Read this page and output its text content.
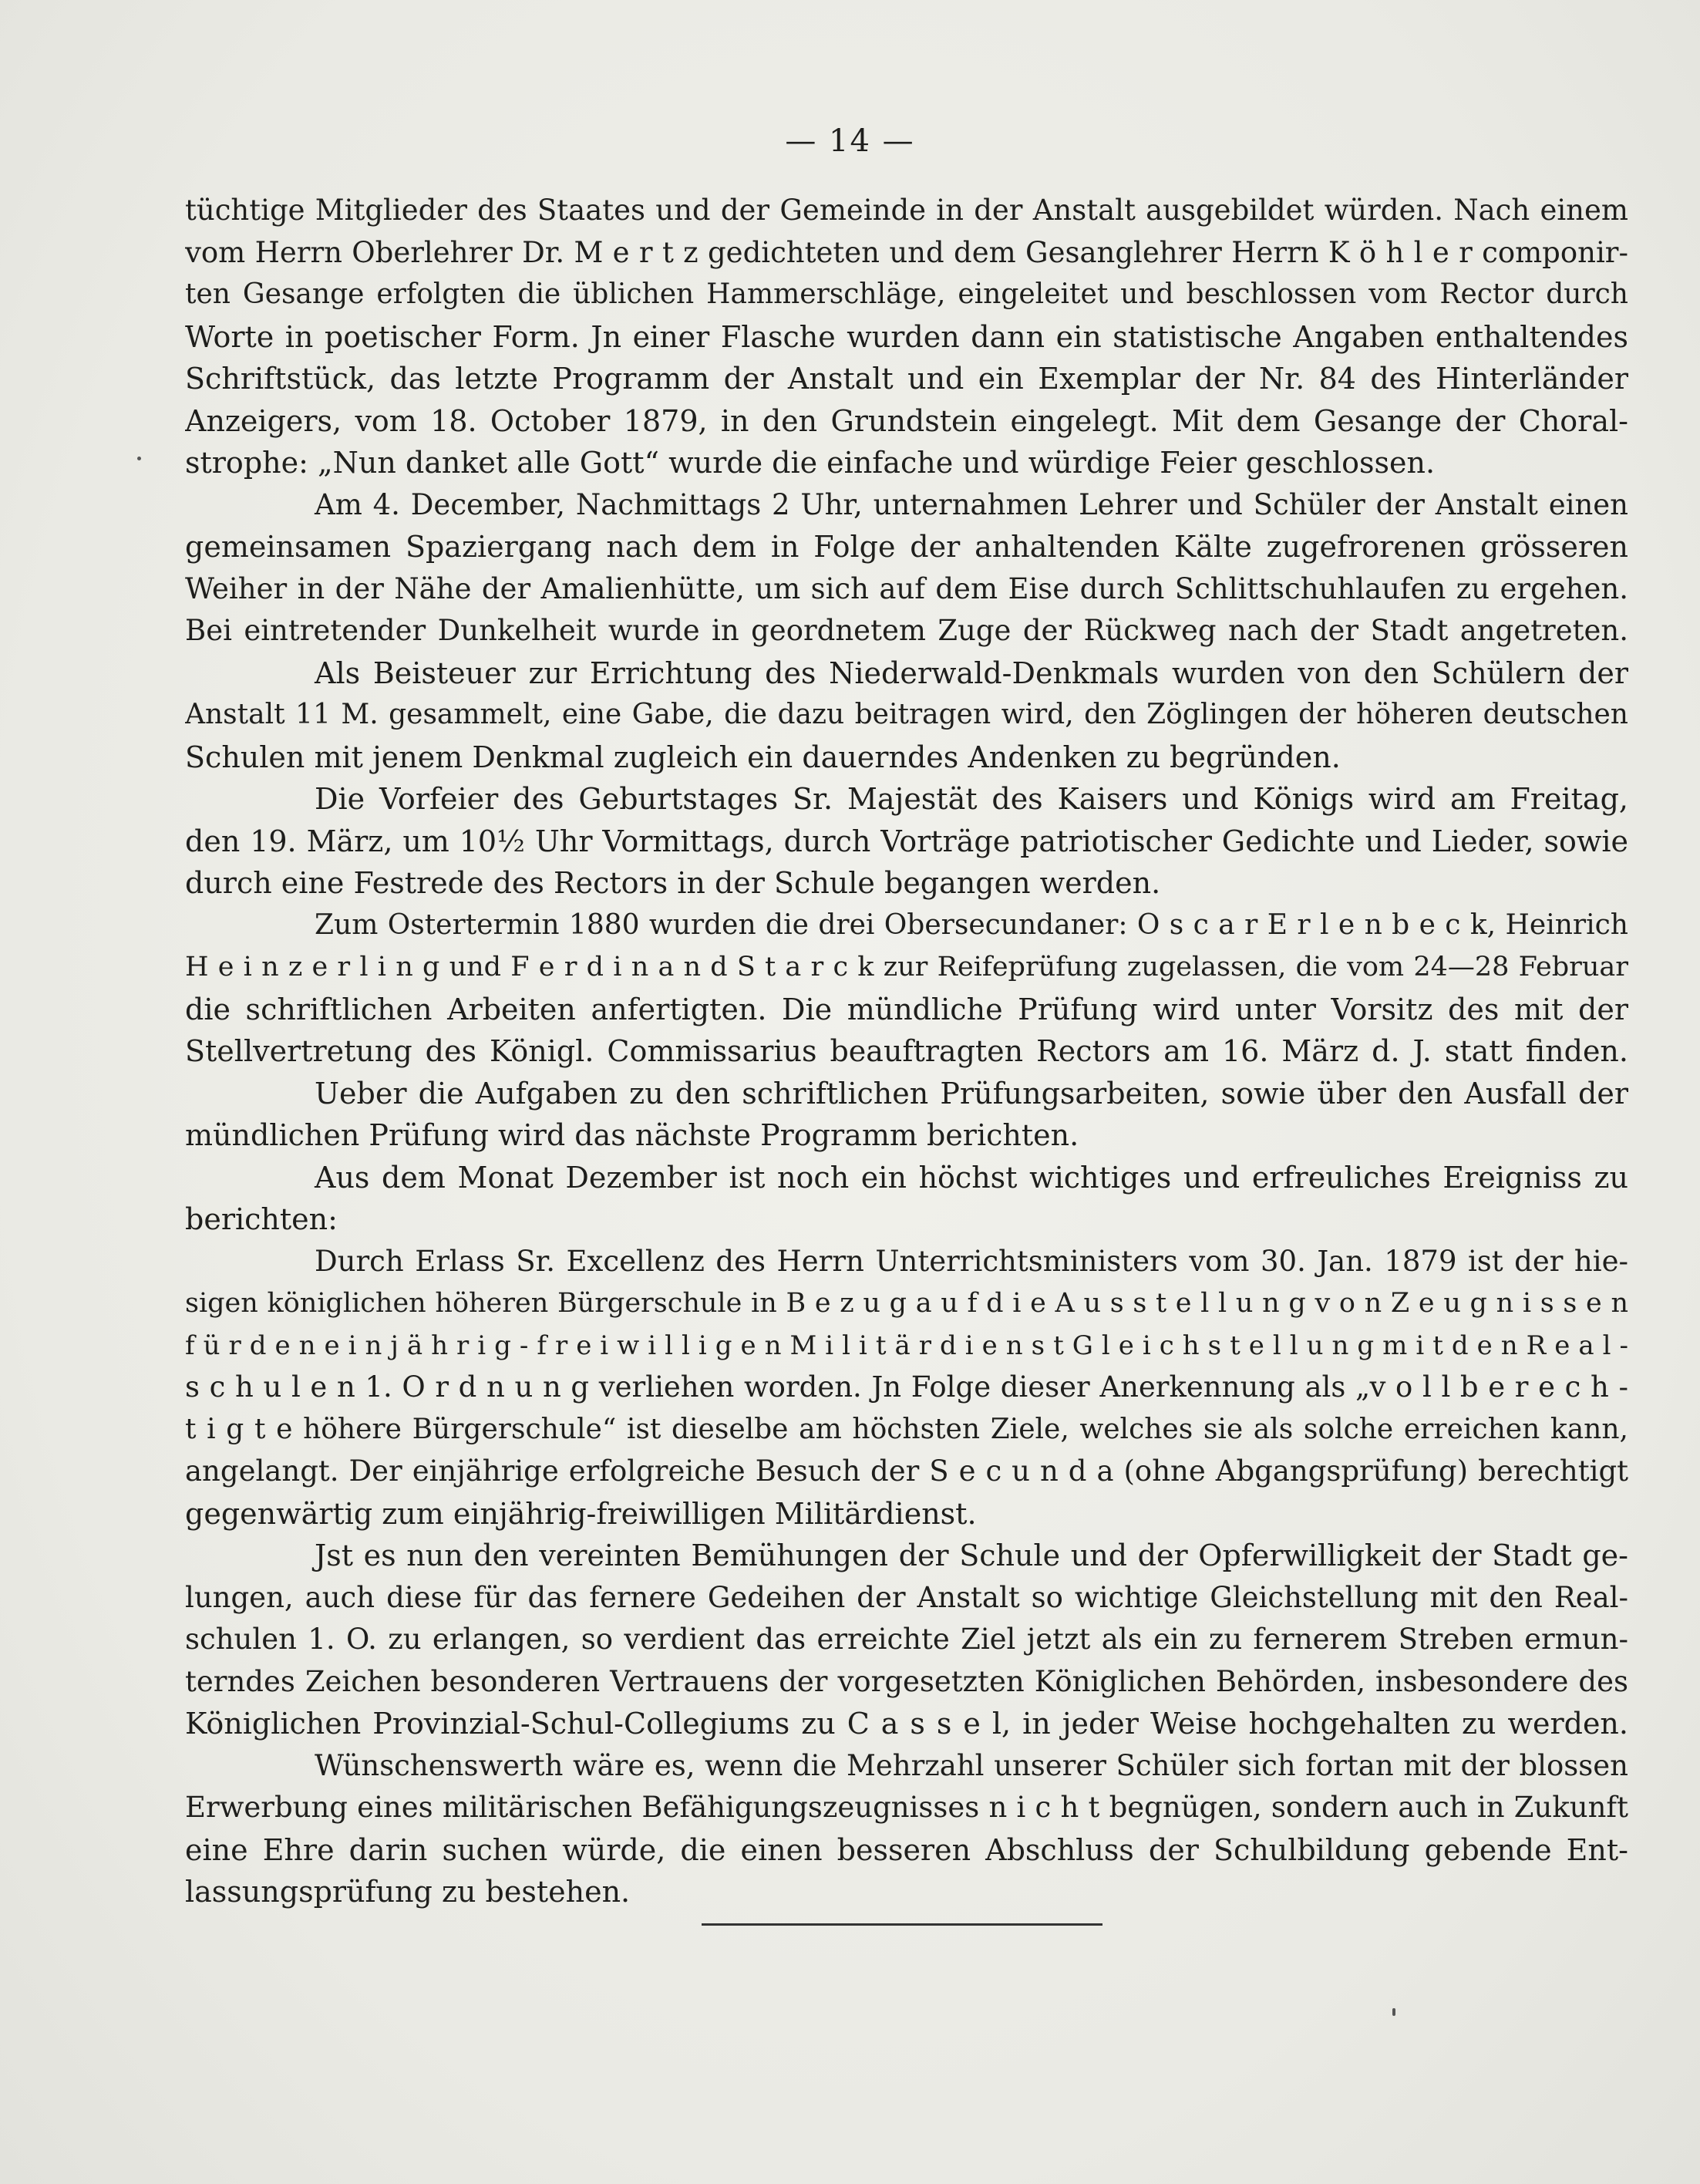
— 14 —
tüchtige Mitglieder des Staates und der Gemeinde in der Anstalt ausgebildet würden. Nach einem
vom Herrn Oberlehrer Dr. M e r t z gedichteten und dem Gesanglehrer Herrn K ö h l e r componir-
ten Gesange erfolgten die üblichen Hammerschläge, eingeleitet und beschlossen vom Rector durch
Worte in poetischer Form. Jn einer Flasche wurden dann ein statistische Angaben enthaltendes
Schriftstück, das letzte Programm der Anstalt und ein Exemplar der Nr. 84 des Hinterländer
Anzeigers, vom 18. October 1879, in den Grundstein eingelegt. Mit dem Gesange der Choral-
strophe: „Nun danket alle Gott“ wurde die einfache und würdige Feier geschlossen.
Am 4. December, Nachmittags 2 Uhr, unternahmen Lehrer und Schüler der Anstalt einen
gemeinsamen Spaziergang nach dem in Folge der anhaltenden Kälte zugefrorenen grösseren
Weiher in der Nähe der Amalienhütte, um sich auf dem Eise durch Schlittschuhlaufen zu ergehen.
Bei eintretender Dunkelheit wurde in geordnetem Zuge der Rückweg nach der Stadt angetreten.
Als Beisteuer zur Errichtung des Niederwald-Denkmals wurden von den Schülern der
Anstalt 11 M. gesammelt, eine Gabe, die dazu beitragen wird, den Zöglingen der höheren deutschen
Schulen mit jenem Denkmal zugleich ein dauerndes Andenken zu begründen.
Die Vorfeier des Geburtstages Sr. Majestät des Kaisers und Königs wird am Freitag,
den 19. März, um 10½ Uhr Vormittags, durch Vorträge patriotischer Gedichte und Lieder, sowie
durch eine Festrede des Rectors in der Schule begangen werden.
Zum Ostertermin 1880 wurden die drei Obersecundaner: O s c a r E r l e n b e c k, Heinrich
H e i n z e r l i n g und F e r d i n a n d S t a r c k zur Reifeprüfung zugelassen, die vom 24—28 Februar
die schriftlichen Arbeiten anfertigten. Die mündliche Prüfung wird unter Vorsitz des mit der
Stellvertretung des Königl. Commissarius beauftragten Rectors am 16. März d. J. statt finden.
Ueber die Aufgaben zu den schriftlichen Prüfungsarbeiten, sowie über den Ausfall der
mündlichen Prüfung wird das nächste Programm berichten.
Aus dem Monat Dezember ist noch ein höchst wichtiges und erfreuliches Ereigniss zu
berichten:
Durch Erlass Sr. Excellenz des Herrn Unterrichtsministers vom 30. Jan. 1879 ist der hie-
sigen königlichen höheren Bürgerschule in B e z u g a u f d i e A u s s t e l l u n g v o n Z e u g n i s s e n
f ü r d e n e i n j ä h r i g - f r e i w i l l i g e n M i l i t ä r d i e n s t G l e i c h s t e l l u n g m i t d e n R e a l -
s c h u l e n 1. O r d n u n g verliehen worden. Jn Folge dieser Anerkennung als „v o l l b e r e c h -
t i g t e höhere Bürgerschule“ ist dieselbe am höchsten Ziele, welches sie als solche erreichen kann,
angelangt. Der einjährige erfolgreiche Besuch der S e c u n d a (ohne Abgangsprüfung) berechtigt
gegenwärtig zum einjährig-freiwilligen Militärdienst.
Jst es nun den vereinten Bemühungen der Schule und der Opferwilligkeit der Stadt ge-
lungen, auch diese für das fernere Gedeihen der Anstalt so wichtige Gleichstellung mit den Real-
schulen 1. O. zu erlangen, so verdient das erreichte Ziel jetzt als ein zu fernerem Streben ermun-
terndes Zeichen besonderen Vertrauens der vorgesetzten Königlichen Behörden, insbesondere des
Königlichen Provinzial-Schul-Collegiums zu C a s s e l, in jeder Weise hochgehalten zu werden.
Wünschenswerth wäre es, wenn die Mehrzahl unserer Schüler sich fortan mit der blossen
Erwerbung eines militärischen Befähigungszeugnisses n i c h t begnügen, sondern auch in Zukunft
eine Ehre darin suchen würde, die einen besseren Abschluss der Schulbildung gebende Ent-
lassungsprüfung zu bestehen.
